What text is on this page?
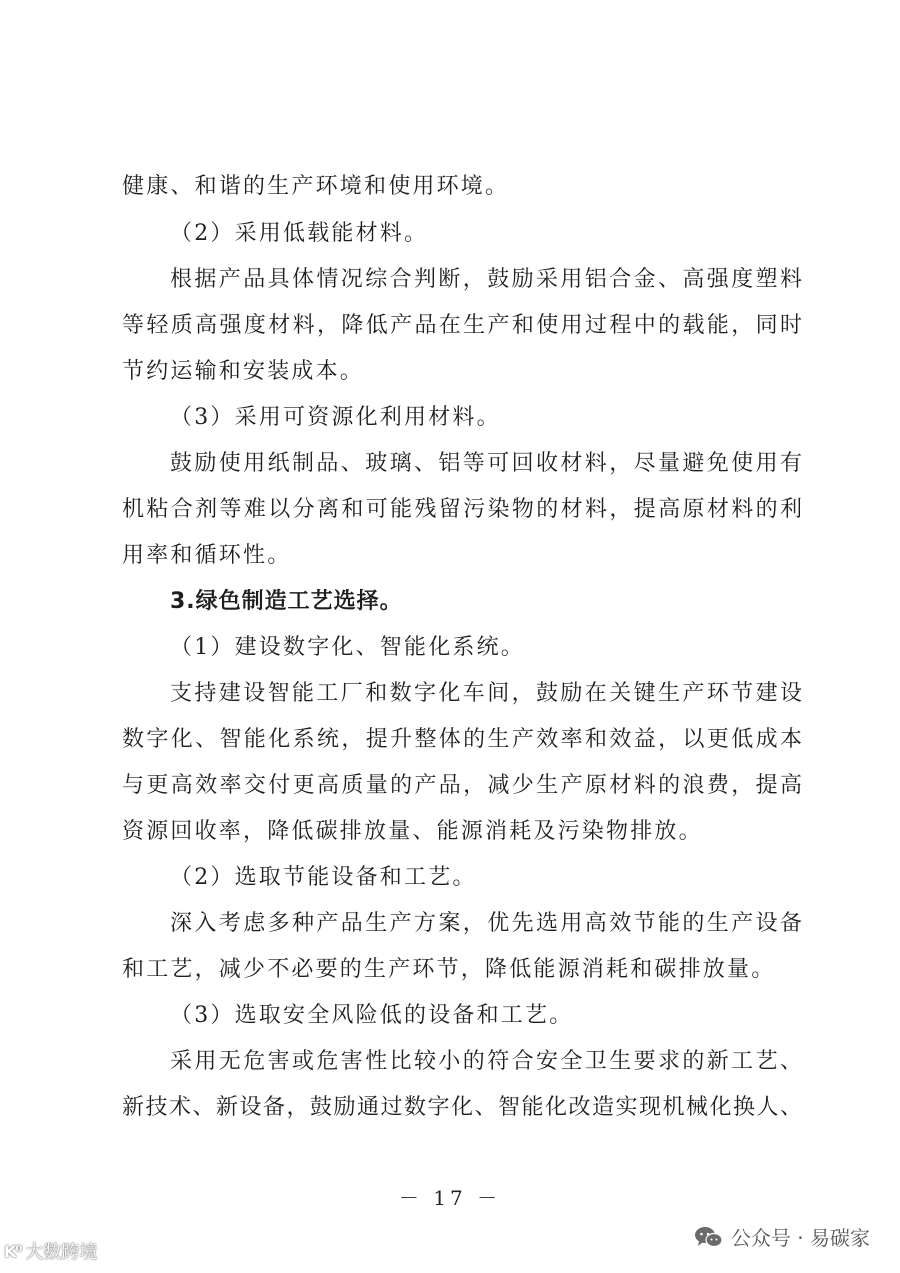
健康、和谐的生产环境和使用环境。
（2）采用低载能材料。
根据产品具体情况综合判断，鼓励采用铝合金、高强度塑料
等轻质高强度材料，降低产品在生产和使用过程中的载能，同时
节约运输和安装成本。
（3）采用可资源化利用材料。
鼓励使用纸制品、玻璃、铝等可回收材料，尽量避免使用有
机粘合剂等难以分离和可能残留污染物的材料，提高原材料的利
用率和循环性。
3.绿色制造工艺选择。
（1）建设数字化、智能化系统。
支持建设智能工厂和数字化车间，鼓励在关键生产环节建设
数字化、智能化系统，提升整体的生产效率和效益，以更低成本
与更高效率交付更高质量的产品，减少生产原材料的浪费，提高
资源回收率，降低碳排放量、能源消耗及污染物排放。
（2）选取节能设备和工艺。
深入考虑多种产品生产方案，优先选用高效节能的生产设备
和工艺，减少不必要的生产环节，降低能源消耗和碳排放量。
（3）选取安全风险低的设备和工艺。
采用无危害或危害性比较小的符合安全卫生要求的新工艺、
新技术、新设备，鼓励通过数字化、智能化改造实现机械化换人、
－ 17 －
K⁰ 大数跨境
公众号 · 易碳家
